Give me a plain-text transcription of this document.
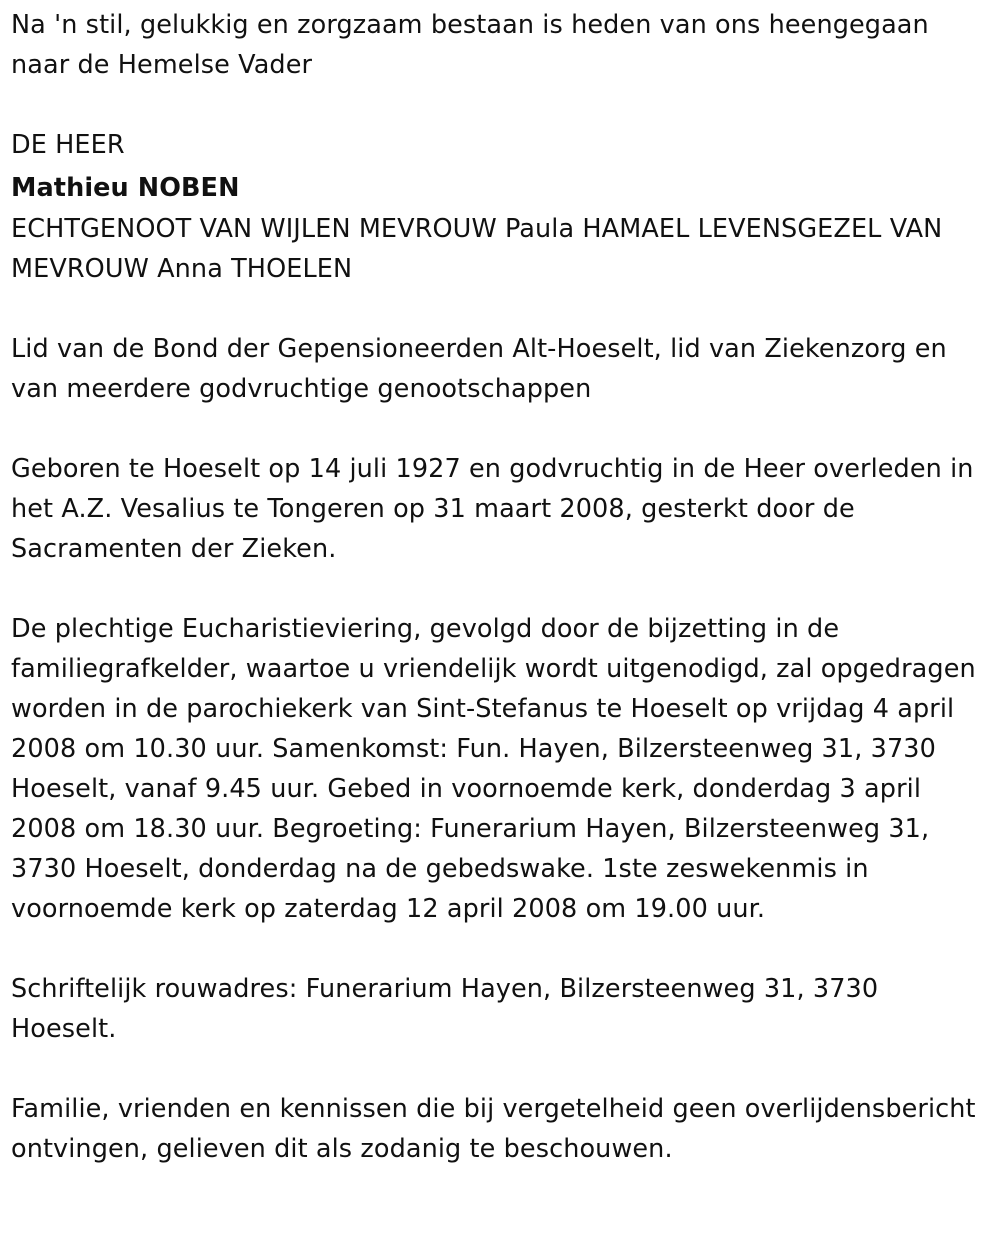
Na 'n stil, gelukkig en zorgzaam bestaan is heden van ons heengegaan naar de Hemelse Vader

DE HEER

Mathieu NOBEN

ECHTGENOOT VAN WIJLEN MEVROUW Paula HAMAEL LEVENSGEZEL VAN MEVROUW Anna THOELEN

Lid van de Bond der Gepensioneerden Alt-Hoeselt, lid van Ziekenzorg en van meerdere godvruchtige genootschappen

Geboren te Hoeselt op 14 juli 1927 en godvruchtig in de Heer overleden in het A.Z. Vesalius te Tongeren op 31 maart 2008, gesterkt door de Sacramenten der Zieken.

De plechtige Eucharistieviering, gevolgd door de bijzetting in de familiegrafkelder, waartoe u vriendelijk wordt uitgenodigd, zal opgedragen worden in de parochiekerk van Sint-Stefanus te Hoeselt op vrijdag 4 april 2008 om 10.30 uur. Samenkomst: Fun. Hayen, Bilzersteenweg 31, 3730 Hoeselt, vanaf 9.45 uur. Gebed in voornoemde kerk, donderdag 3 april 2008 om 18.30 uur. Begroeting: Funerarium Hayen, Bilzersteenweg 31, 3730 Hoeselt, donderdag na de gebedswake. 1ste zeswekenmis in voornoemde kerk op zaterdag 12 april 2008 om 19.00 uur.

Schriftelijk rouwadres: Funerarium Hayen, Bilzersteenweg 31, 3730 Hoeselt.

Familie, vrienden en kennissen die bij vergetelheid geen overlijdensbericht ontvingen, gelieven dit als zodanig te beschouwen.
